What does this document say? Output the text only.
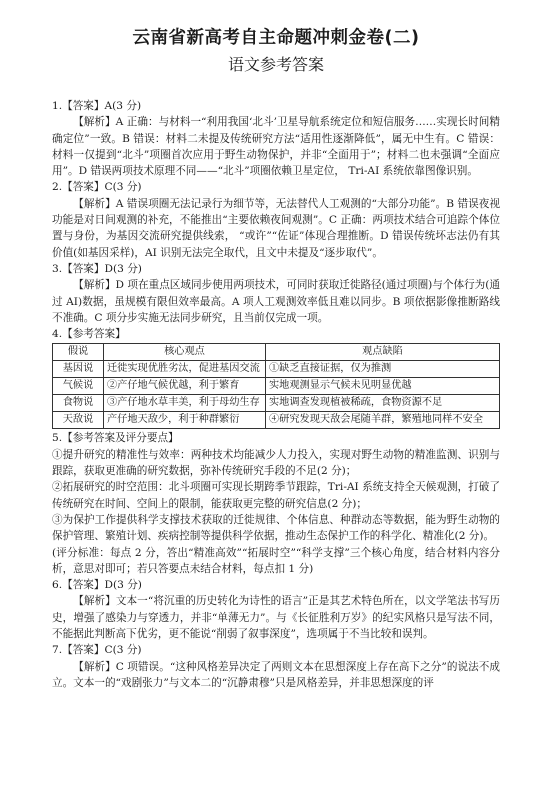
云南省新高考自主命题冲刺金卷(二)
语文参考答案

1.【答案】A(3 分)

【解析】A 正确：与材料一“利用我国‘北斗’卫星导航系统定位和短信服务……实现长时间精确定位”一致。B 错误：材料二未提及传统研究方法“适用性逐渐降低”，属无中生有。C 错误：材料一仅提到“北斗”项圈首次应用于野生动物保护，并非“全面用于”；材料二也未强调“全面应用”。D 错误两项技术原理不同——“北斗”项圈依赖卫星定位， Tri-AI 系统依靠图像识别。

2.【答案】C(3 分)

【解析】A 错误项圈无法记录行为细节等，无法替代人工观测的“大部分功能”。B 错误夜视功能是对日间观测的补充，不能推出“主要依赖夜间观测”。C 正确：两项技术结合可追踪个体位置与身份，为基因交流研究提供线索， “或许”“佐证”体现合理推断。D 错误传统坏志法仍有其价值(如基因采样)，AI 识别无法完全取代，且文中未提及“逐步取代”。

3.【答案】D(3 分)

【解析】D 项在重点区域同步使用两项技术，可同时获取迁徙路径(通过项圈)与个体行为(通过 AI)数据，虽规模有限但效率最高。A 项人工观测效率低且难以同步。B 项依据影像推断路线不准确。C 项分步实施无法同步研究，且当前仅完成一项。

4.【参考答案】

假说	核心观点	观点缺陷
基因说	迁徙实现优胜劣汰，促进基因交流	①缺乏直接证据，仅为推测
气候说	②产仔地气候优越，利于繁育	实地观测显示气候未见明显优越
食物说	③产仔地水草丰美，利于母幼生存	实地调查发现植被稀疏，食物资源不足
天敌说	产仔地天敌少，利于种群繁衍	④研究发现天敌会尾随羊群，繁殖地同样不安全

5.【参考答案及评分要点】

①提升研究的精准性与效率：两种技术均能减少人力投入，实现对野生动物的精准监测、识别与跟踪，获取更准确的研究数据，弥补传统研究手段的不足(2 分)；

②拓展研究的时空范围：北斗项圈可实现长期跨季节跟踪，Tri-AI 系统支持全天候观测，打破了传统研究在时间、空间上的限制，能获取更完整的研究信息(2 分)；

③为保护工作提供科学支撑技术获取的迁徙规律、个体信息、种群动态等数据，能为野生动物的保护管理、繁殖计划、疾病控制等提供科学依据，推动生态保护工作的科学化、精准化(2 分)。

(评分标准：每点 2 分，答出“精准高效”“拓展时空”“科学支撑”三个核心角度，结合材料内容分析，意思对即可；若只答要点未结合材料，每点扣 1 分)

6.【答案】D(3 分)

【解析】文本一“将沉重的历史转化为诗性的语言”正是其艺术特色所在，以文学笔法书写历史，增强了感染力与穿透力，并非“单薄无力”。与《长征胜利万岁》的纪实风格只是写法不同，不能据此判断高下优劣，更不能说“削弱了叙事深度”，选项属于不当比较和误判。

7.【答案】C(3 分)

【解析】C 项错误。“这种风格差异决定了两则文本在思想深度上存在高下之分”的说法不成立。文本一的“戏剧张力”与文本二的“沉静肃穆”只是风格差异，并非思想深度的评
